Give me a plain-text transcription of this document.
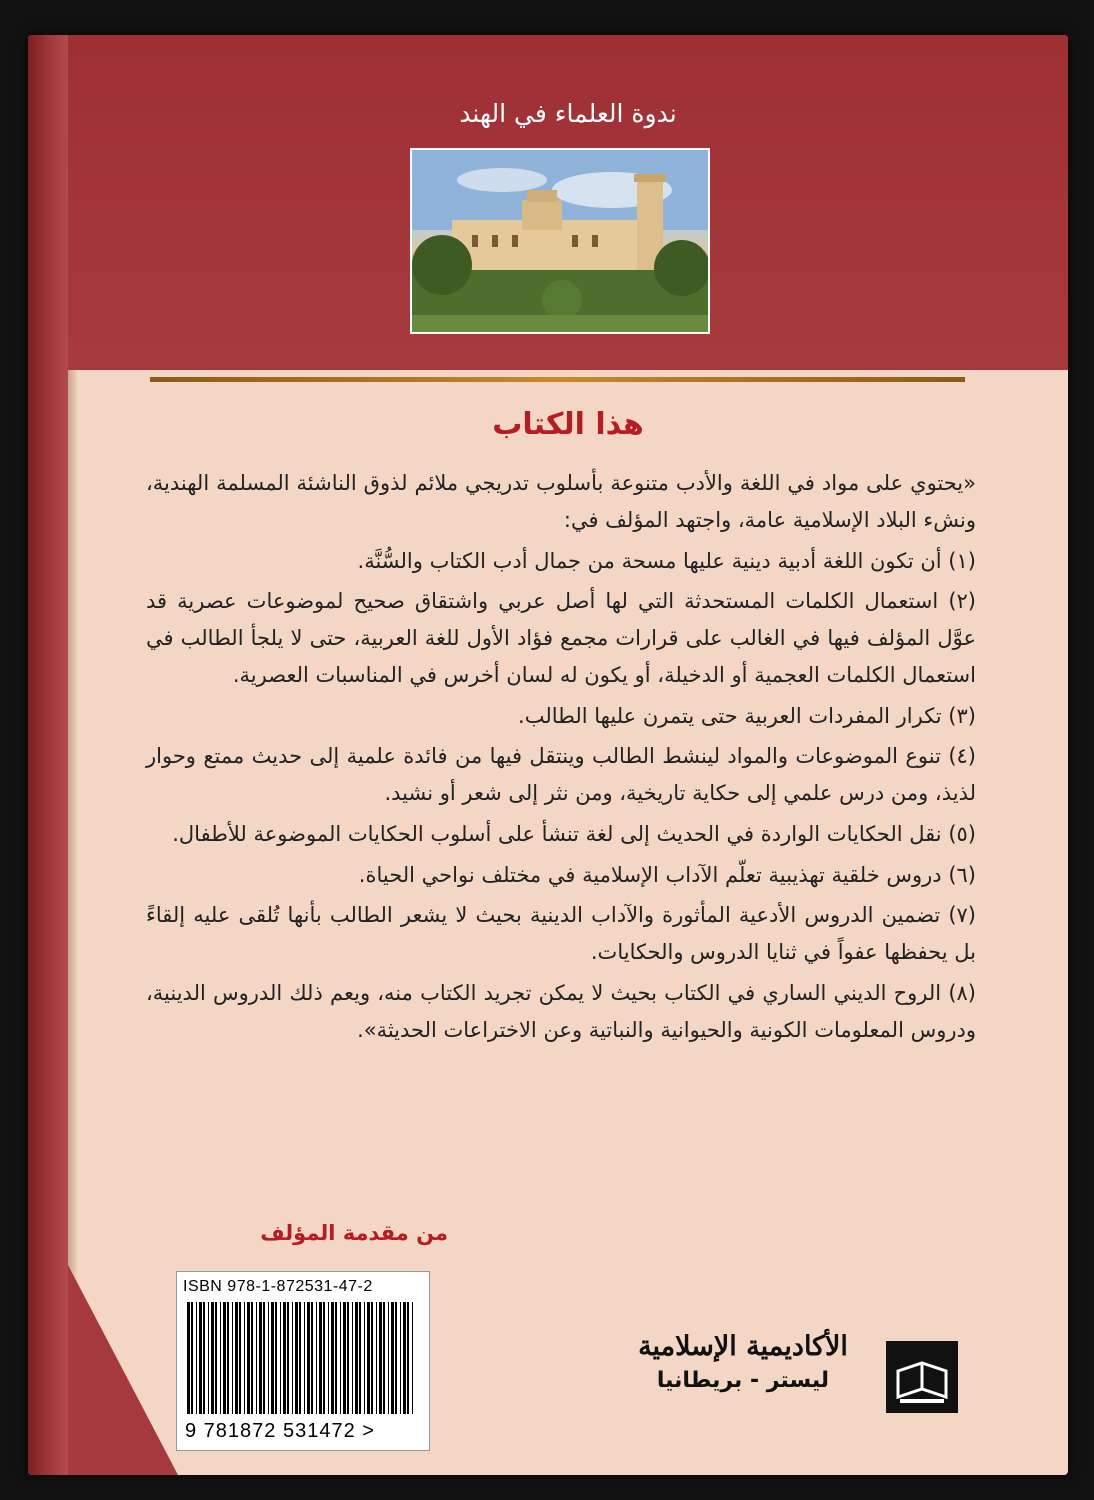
ندوة العلماء في الهند
هذا الكتاب

«يحتوي على مواد في اللغة والأدب متنوعة بأسلوب تدريجي ملائم لذوق الناشئة المسلمة الهندية، ونشء البلاد الإسلامية عامة، واجتهد المؤلف في:

(١) أن تكون اللغة أدبية دينية عليها مسحة من جمال أدب الكتاب والسُّنَّة.

(٢) استعمال الكلمات المستحدثة التي لها أصل عربي واشتقاق صحيح لموضوعات عصرية قد عوَّل المؤلف فيها في الغالب على قرارات مجمع فؤاد الأول للغة العربية، حتى لا يلجأ الطالب في استعمال الكلمات العجمية أو الدخيلة، أو يكون له لسان أخرس في المناسبات العصرية.

(٣) تكرار المفردات العربية حتى يتمرن عليها الطالب.

(٤) تنوع الموضوعات والمواد لينشط الطالب وينتقل فيها من فائدة علمية إلى حديث ممتع وحوار لذيذ، ومن درس علمي إلى حكاية تاريخية، ومن نثر إلى شعر أو نشيد.

(٥) نقل الحكايات الواردة في الحديث إلى لغة تنشأ على أسلوب الحكايات الموضوعة للأطفال.

(٦) دروس خلقية تهذيبية تعلّم الآداب الإسلامية في مختلف نواحي الحياة.

(٧) تضمين الدروس الأدعية المأثورة والآداب الدينية بحيث لا يشعر الطالب بأنها تُلقى عليه إلقاءً بل يحفظها عفواً في ثنايا الدروس والحكايات.

(٨) الروح الديني الساري في الكتاب بحيث لا يمكن تجريد الكتاب منه، ويعم ذلك الدروس الدينية، ودروس المعلومات الكونية والحيوانية والنباتية وعن الاختراعات الحديثة».

من مقدمة المؤلف
ISBN 978-1-872531-47-2
9 781872 531472 >
الأكاديمية الإسلامية
ليستر - بريطانيا
